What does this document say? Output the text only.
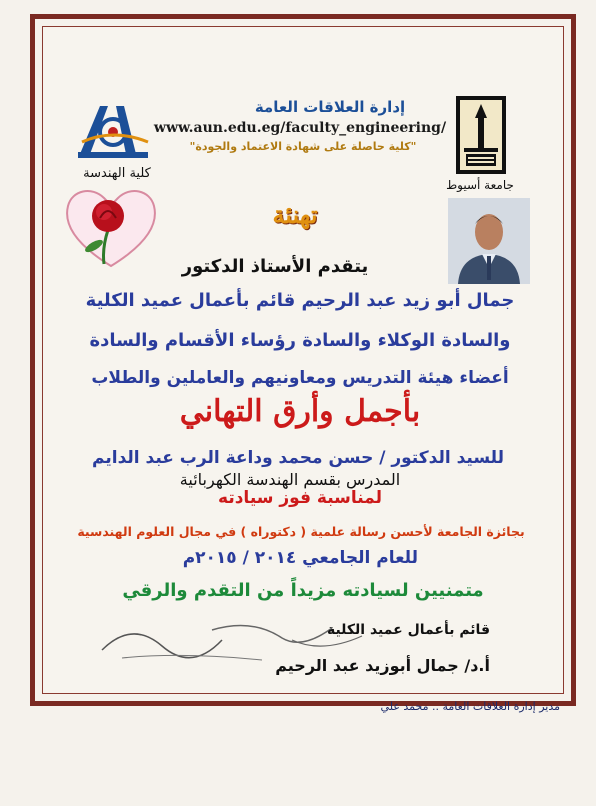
كلية الهندسة
جامعة أسيوط
إدارة العلاقات العامة
www.aun.edu.eg/faculty_engineering/
"كلية حاصلة على شهادة الاعتماد والجودة"
تهنئة
يتقدم الأستاذ الدكتور
جمال أبو زيد عبد الرحيم قائم بأعمال عميد الكلية
والسادة الوكلاء والسادة رؤساء الأقسام والسادة
أعضاء هيئة التدريس ومعاونيهم والعاملين والطلاب
بأجمل وأرق التهاني
للسيد الدكتور / حسن محمد وداعة الرب عبد الدايم
المدرس بقسم الهندسة الكهربائية
لمناسبة فوز سيادته
بجائزة الجامعة لأحسن رسالة علمية ( دكتوراه ) في مجال العلوم الهندسية
للعام الجامعي ٢٠١٤ / ٢٠١٥م
متمنيين لسيادته مزيداً من التقدم والرقي
قائم بأعمال عميد الكلية
أ.د/ جمال أبوزيد عبد الرحيم
مدير إدارة العلاقات العامة .. محمد علي
